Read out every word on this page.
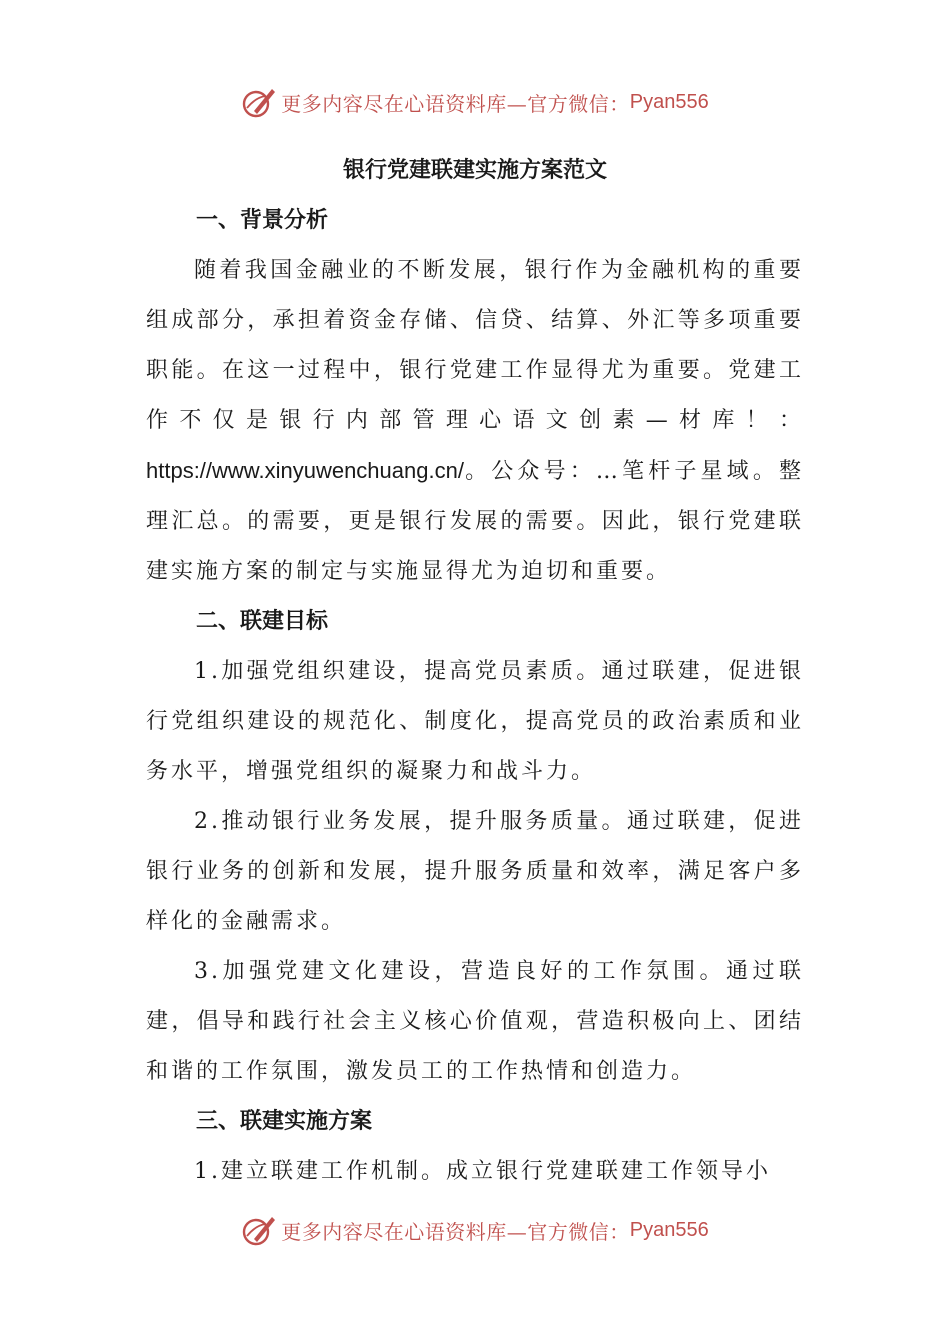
更多内容尽在心语资料库—官方微信： Pyan556
银行党建联建实施方案范文
一、背景分析

随着我国金融业的不断发展，银行作为金融机构的重要组成部分，承担着资金存储、信贷、结算、外汇等多项重要职能。在这一过程中，银行党建工作显得尤为重要。党建工作不仅是银行内部管理心语文创素—材库！：https://www.xinyuwenchuang.cn/。公众号：…笔杆子星域。整理汇总。的需要，更是银行发展的需要。因此，银行党建联建实施方案的制定与实施显得尤为迫切和重要。

二、联建目标

1.加强党组织建设，提高党员素质。通过联建，促进银行党组织建设的规范化、制度化，提高党员的政治素质和业务水平，增强党组织的凝聚力和战斗力。

2.推动银行业务发展，提升服务质量。通过联建，促进银行业务的创新和发展，提升服务质量和效率，满足客户多样化的金融需求。

3.加强党建文化建设，营造良好的工作氛围。通过联建，倡导和践行社会主义核心价值观，营造积极向上、团结和谐的工作氛围，激发员工的工作热情和创造力。

三、联建实施方案

1.建立联建工作机制。成立银行党建联建工作领导小

更多内容尽在心语资料库—官方微信： Pyan556
